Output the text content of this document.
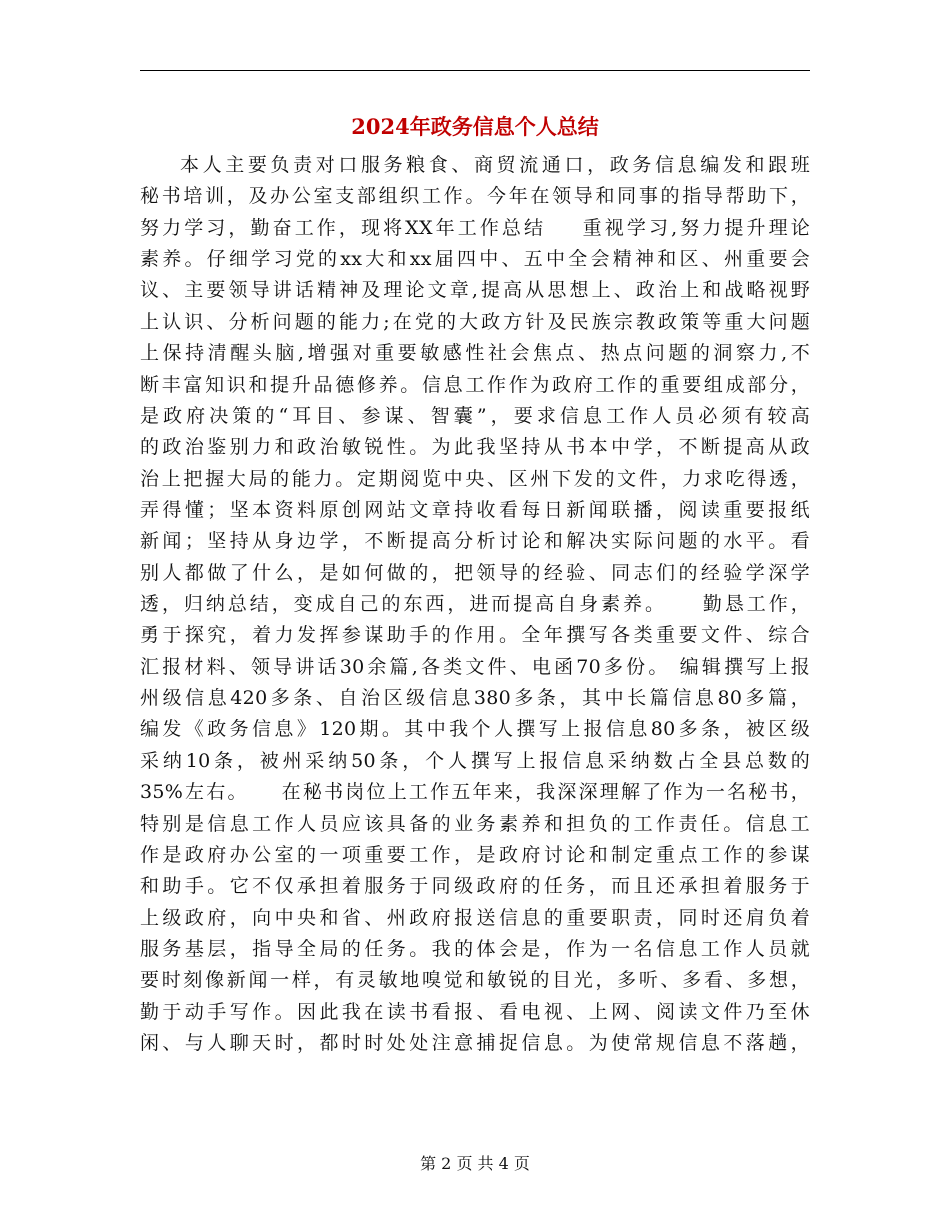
2024年政务信息个人总结
本人主要负责对口服务粮食、商贸流通口，政务信息编发和跟班
秘书培训，及办公室支部组织工作。今年在领导和同事的指导帮助下，
努力学习，勤奋工作，现将XX年工作总结    重视学习,努力提升理论
素养。仔细学习党的xx大和xx届四中、五中全会精神和区、州重要会
议、主要领导讲话精神及理论文章,提高从思想上、政治上和战略视野
上认识、分析问题的能力;在党的大政方针及民族宗教政策等重大问题
上保持清醒头脑,增强对重要敏感性社会焦点、热点问题的洞察力,不
断丰富知识和提升品德修养。信息工作作为政府工作的重要组成部分，
是政府决策的“耳目、参谋、智囊”，要求信息工作人员必须有较高
的政治鉴别力和政治敏锐性。为此我坚持从书本中学，不断提高从政
治上把握大局的能力。定期阅览中央、区州下发的文件，力求吃得透，
弄得懂；坚本资料原创网站文章持收看每日新闻联播，阅读重要报纸
新闻；坚持从身边学，不断提高分析讨论和解决实际问题的水平。看
别人都做了什么，是如何做的，把领导的经验、同志们的经验学深学
透，归纳总结，变成自己的东西，进而提高自身素养。    勤恳工作，
勇于探究，着力发挥参谋助手的作用。全年撰写各类重要文件、综合
汇报材料、领导讲话30余篇,各类文件、电函70多份。 编辑撰写上报
州级信息420多条、自治区级信息380多条，其中长篇信息80多篇，
编发《政务信息》120期。其中我个人撰写上报信息80多条，被区级
采纳10条，被州采纳50条，个人撰写上报信息采纳数占全县总数的
35%左右。    在秘书岗位上工作五年来，我深深理解了作为一名秘书，
特别是信息工作人员应该具备的业务素养和担负的工作责任。信息工
作是政府办公室的一项重要工作，是政府讨论和制定重点工作的参谋
和助手。它不仅承担着服务于同级政府的任务，而且还承担着服务于
上级政府，向中央和省、州政府报送信息的重要职责，同时还肩负着
服务基层，指导全局的任务。我的体会是，作为一名信息工作人员就
要时刻像新闻一样，有灵敏地嗅觉和敏锐的目光，多听、多看、多想，
勤于动手写作。因此我在读书看报、看电视、上网、阅读文件乃至休
闲、与人聊天时，都时时处处注意捕捉信息。为使常规信息不落趟，
第 2 页 共 4 页
